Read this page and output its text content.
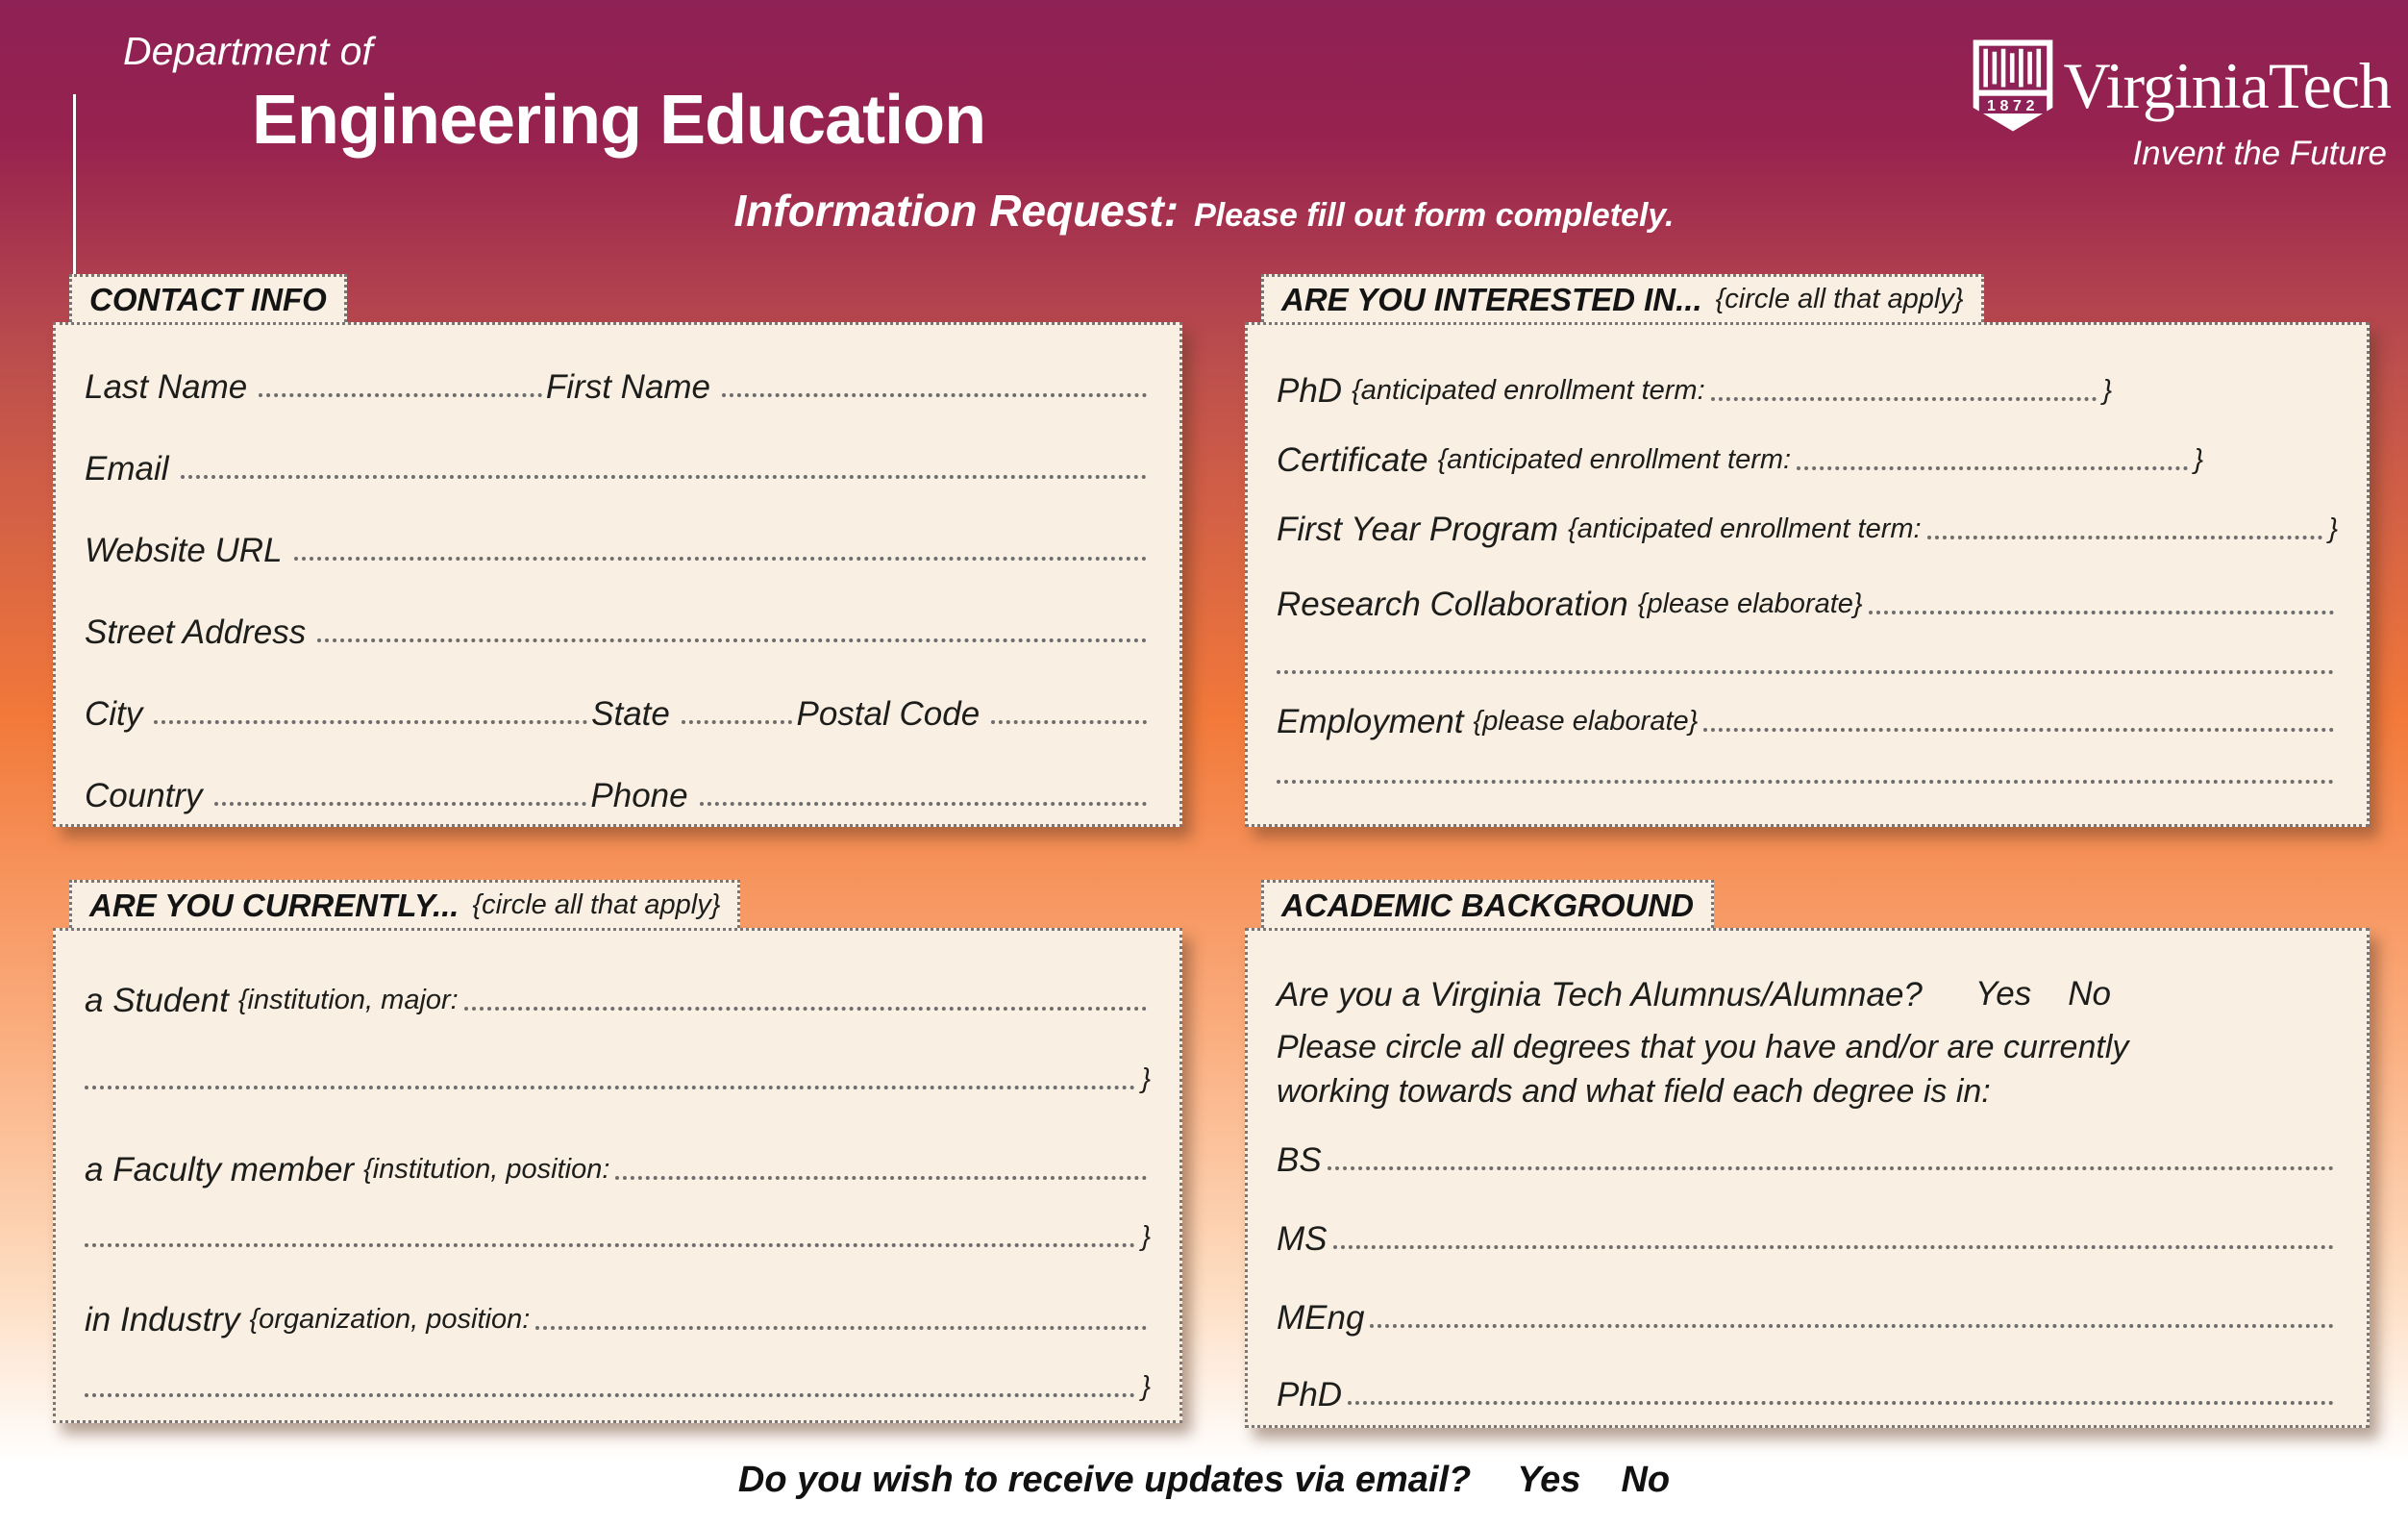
Department of
Engineering Education
Information Request: Please fill out form completely.
1872 VirginiaTech
Invent the Future
CONTACT INFO
Last Name	First Name
Email
Website URL
Street Address
City	State	Postal Code
Country	Phone
ARE YOU INTERESTED IN... {circle all that apply}
PhD {anticipated enrollment term:	}
Certificate {anticipated enrollment term:	}
First Year Program {anticipated enrollment term:	}
Research Collaboration {please elaborate}
Employment {please elaborate}
ARE YOU CURRENTLY... {circle all that apply}
a Student {institution, major:
}
a Faculty member {institution, position:
}
in Industry {organization, position:
}
ACADEMIC BACKGROUND
Are you a Virginia Tech Alumnus/Alumnae? Yes No
Please circle all degrees that you have and/or are currently
working towards and what field each degree is in:
BS
MS
MEng
PhD
Do you wish to receive updates via email? Yes No
